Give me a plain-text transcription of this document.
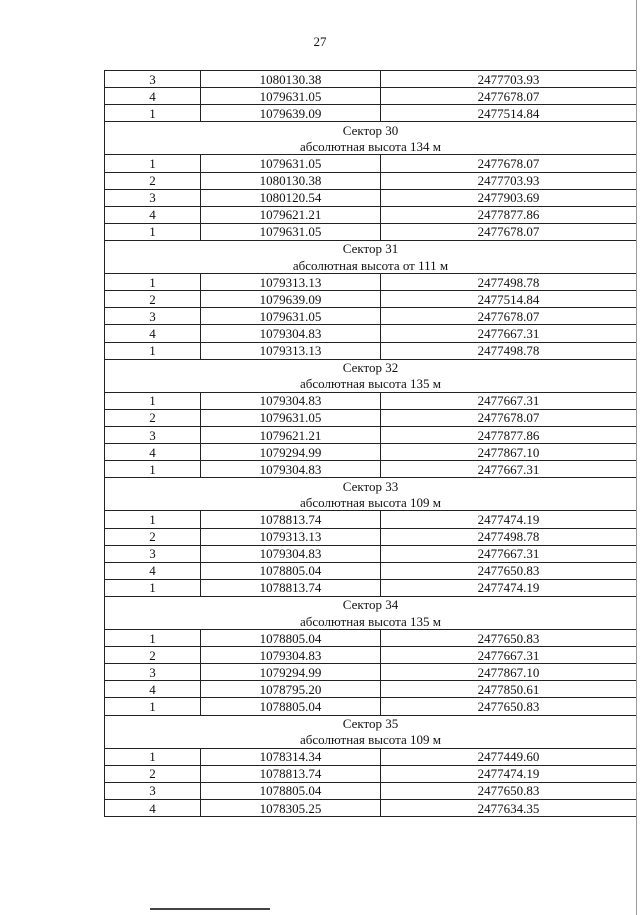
27
3	1080130.38	2477703.93
4	1079631.05	2477678.07
1	1079639.09	2477514.84
Сектор 30		
абсолютная высота 134 м		
1	1079631.05	2477678.07
2	1080130.38	2477703.93
3	1080120.54	2477903.69
4	1079621.21	2477877.86
1	1079631.05	2477678.07
Сектор 31		
абсолютная высота от 111 м		
1	1079313.13	2477498.78
2	1079639.09	2477514.84
3	1079631.05	2477678.07
4	1079304.83	2477667.31
1	1079313.13	2477498.78
Сектор 32		
абсолютная высота 135 м		
1	1079304.83	2477667.31
2	1079631.05	2477678.07
3	1079621.21	2477877.86
4	1079294.99	2477867.10
1	1079304.83	2477667.31
Сектор 33		
абсолютная высота 109 м		
1	1078813.74	2477474.19
2	1079313.13	2477498.78
3	1079304.83	2477667.31
4	1078805.04	2477650.83
1	1078813.74	2477474.19
Сектор 34		
абсолютная высота 135 м		
1	1078805.04	2477650.83
2	1079304.83	2477667.31
3	1079294.99	2477867.10
4	1078795.20	2477850.61
1	1078805.04	2477650.83
Сектор 35		
абсолютная высота 109 м		
1	1078314.34	2477449.60
2	1078813.74	2477474.19
3	1078805.04	2477650.83
4	1078305.25	2477634.35
